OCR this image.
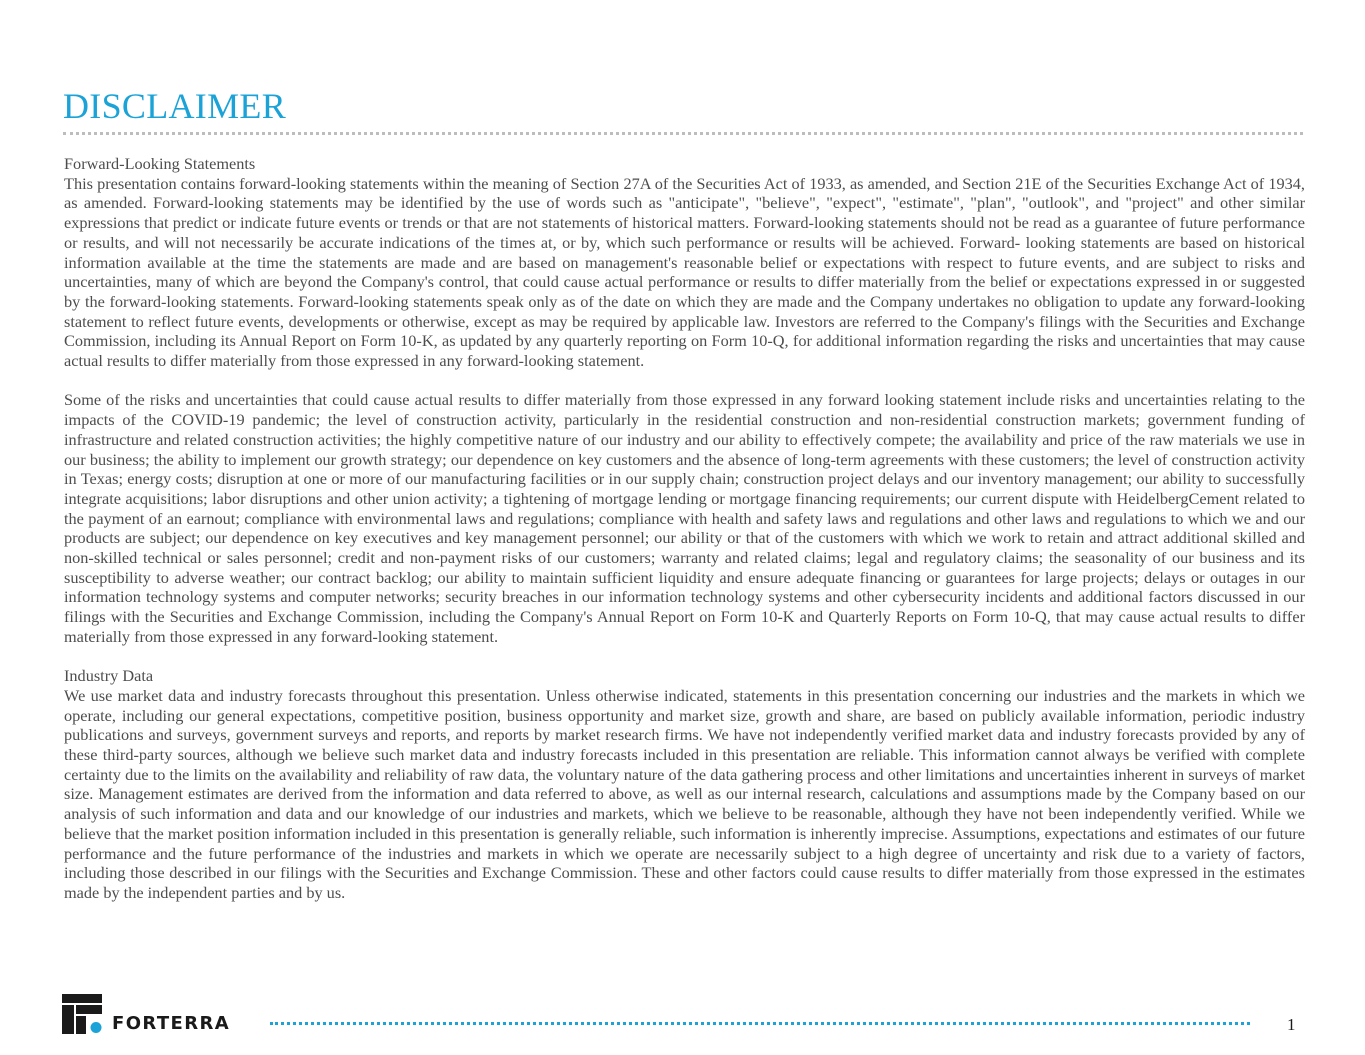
DISCLAIMER
Forward-Looking Statements

This presentation contains forward-looking statements within the meaning of Section 27A of the Securities Act of 1933, as amended, and Section 21E of the Securities Exchange Act of 1934, as amended. Forward-looking statements may be identified by the use of words such as "anticipate", "believe", "expect", "estimate", "plan", "outlook", and "project" and other similar expressions that predict or indicate future events or trends or that are not statements of historical matters. Forward-looking statements should not be read as a guarantee of future performance or results, and will not necessarily be accurate indications of the times at, or by, which such performance or results will be achieved. Forward- looking statements are based on historical information available at the time the statements are made and are based on management's reasonable belief or expectations with respect to future events, and are subject to risks and uncertainties, many of which are beyond the Company's control, that could cause actual performance or results to differ materially from the belief or expectations expressed in or suggested by the forward-looking statements. Forward-looking statements speak only as of the date on which they are made and the Company undertakes no obligation to update any forward-looking statement to reflect future events, developments or otherwise, except as may be required by applicable law. Investors are referred to the Company's filings with the Securities and Exchange Commission, including its Annual Report on Form 10-K, as updated by any quarterly reporting on Form 10-Q, for additional information regarding the risks and uncertainties that may cause actual results to differ materially from those expressed in any forward-looking statement.

Some of the risks and uncertainties that could cause actual results to differ materially from those expressed in any forward looking statement include risks and uncertainties relating to the impacts of the COVID-19 pandemic; the level of construction activity, particularly in the residential construction and non-residential construction markets; government funding of infrastructure and related construction activities; the highly competitive nature of our industry and our ability to effectively compete; the availability and price of the raw materials we use in our business; the ability to implement our growth strategy; our dependence on key customers and the absence of long-term agreements with these customers; the level of construction activity in Texas; energy costs; disruption at one or more of our manufacturing facilities or in our supply chain; construction project delays and our inventory management; our ability to successfully integrate acquisitions; labor disruptions and other union activity; a tightening of mortgage lending or mortgage financing requirements; our current dispute with HeidelbergCement related to the payment of an earnout; compliance with environmental laws and regulations; compliance with health and safety laws and regulations and other laws and regulations to which we and our products are subject; our dependence on key executives and key management personnel; our ability or that of the customers with which we work to retain and attract additional skilled and non-skilled technical or sales personnel; credit and non-payment risks of our customers; warranty and related claims; legal and regulatory claims; the seasonality of our business and its susceptibility to adverse weather; our contract backlog; our ability to maintain sufficient liquidity and ensure adequate financing or guarantees for large projects; delays or outages in our information technology systems and computer networks; security breaches in our information technology systems and other cybersecurity incidents and additional factors discussed in our filings with the Securities and Exchange Commission, including the Company's Annual Report on Form 10-K and Quarterly Reports on Form 10-Q, that may cause actual results to differ materially from those expressed in any forward-looking statement.

Industry Data

We use market data and industry forecasts throughout this presentation. Unless otherwise indicated, statements in this presentation concerning our industries and the markets in which we operate, including our general expectations, competitive position, business opportunity and market size, growth and share, are based on publicly available information, periodic industry publications and surveys, government surveys and reports, and reports by market research firms. We have not independently verified market data and industry forecasts provided by any of these third-party sources, although we believe such market data and industry forecasts included in this presentation are reliable. This information cannot always be verified with complete certainty due to the limits on the availability and reliability of raw data, the voluntary nature of the data gathering process and other limitations and uncertainties inherent in surveys of market size. Management estimates are derived from the information and data referred to above, as well as our internal research, calculations and assumptions made by the Company based on our analysis of such information and data and our knowledge of our industries and markets, which we believe to be reasonable, although they have not been independently verified. While we believe that the market position information included in this presentation is generally reliable, such information is inherently imprecise. Assumptions, expectations and estimates of our future performance and the future performance of the industries and markets in which we operate are necessarily subject to a high degree of uncertainty and risk due to a variety of factors, including those described in our filings with the Securities and Exchange Commission. These and other factors could cause results to differ materially from those expressed in the estimates made by the independent parties and by us.

FORTERRA	1
